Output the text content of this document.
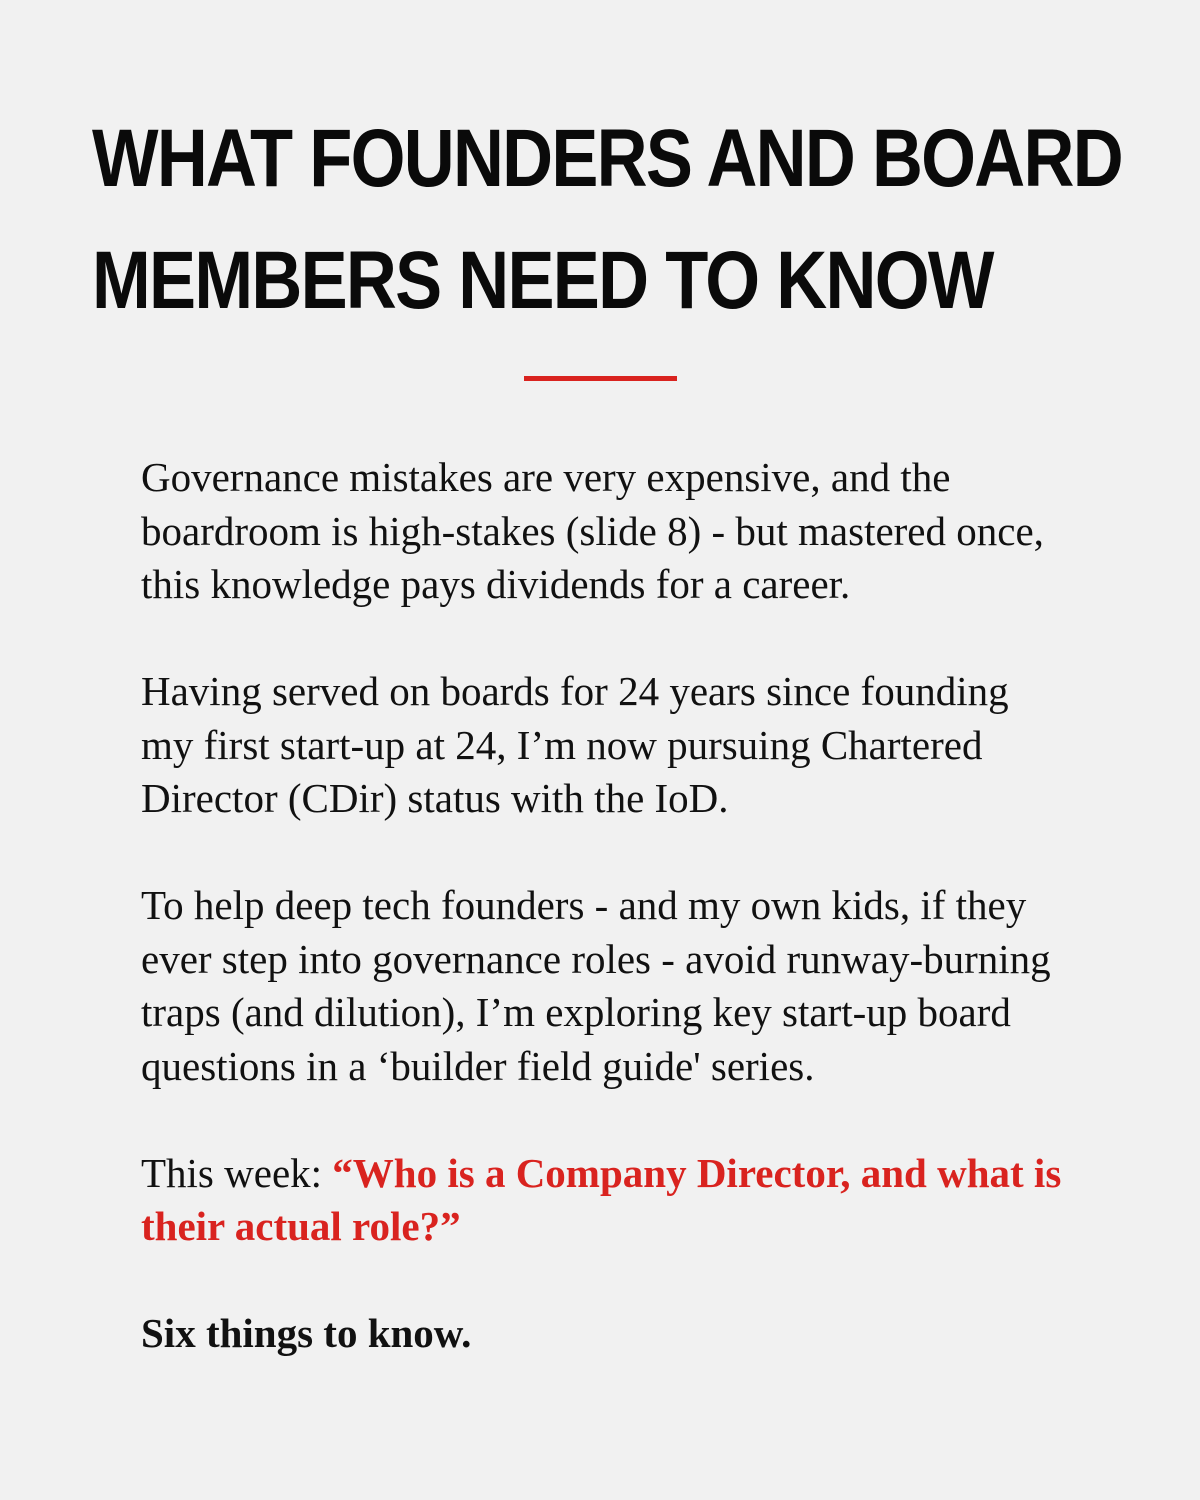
WHAT FOUNDERS AND BOARD
MEMBERS NEED TO KNOW

Governance mistakes are very expensive, and the boardroom is high-stakes (slide 8) - but mastered once, this knowledge pays dividends for a career.

Having served on boards for 24 years since founding my first start-up at 24, I’m now pursuing Chartered Director (CDir) status with the IoD.

To help deep tech founders - and my own kids, if they ever step into governance roles - avoid runway-burning traps (and dilution), I’m exploring key start-up board questions in a ‘builder field guide' series.

This week: “Who is a Company Director, and what is their actual role?”

Six things to know.
